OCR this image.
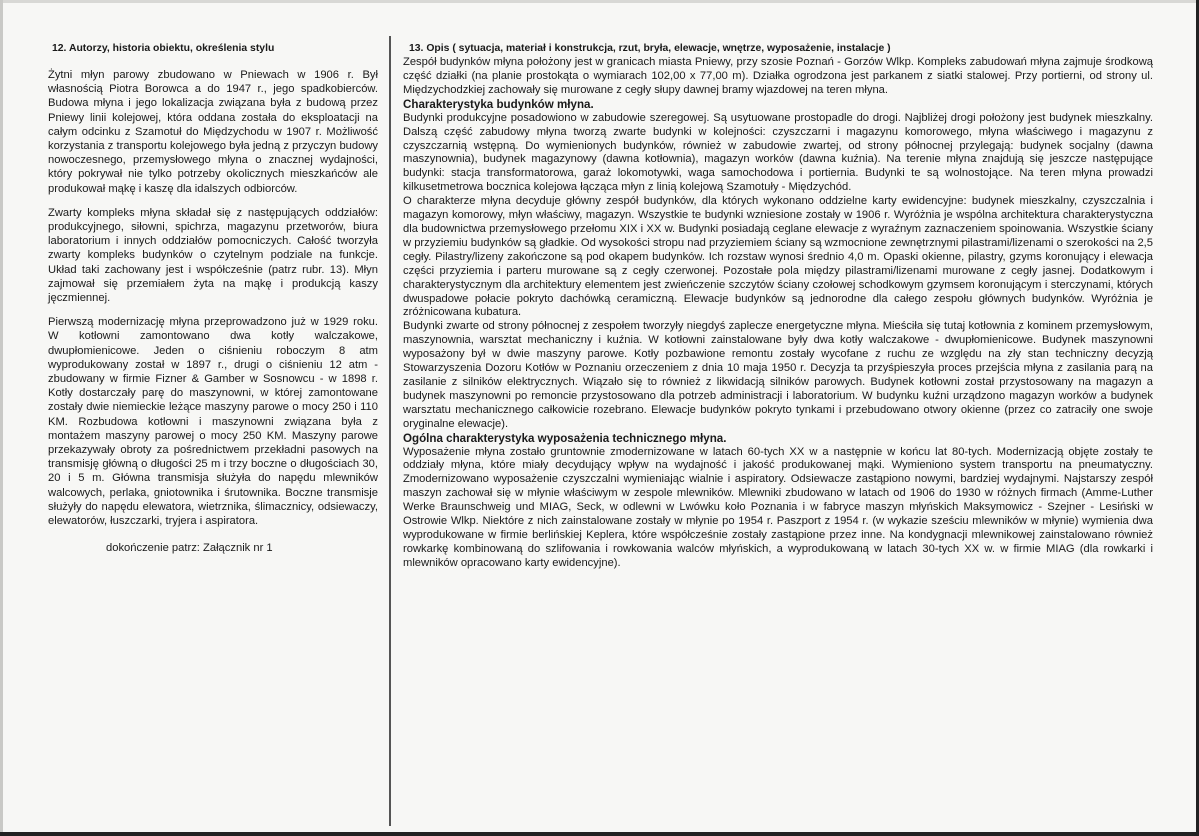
12. Autorzy, historia obiektu, określenia stylu

Żytni młyn parowy zbudowano w Pniewach w 1906 r. Był własnością Piotra Borowca a do 1947 r., jego spadkobierców. Budowa młyna i jego lokalizacja związana była z budową przez Pniewy linii kolejowej, która oddana została do eksploatacji na całym odcinku z Szamotuł do Międzychodu w 1907 r. Możliwość korzystania z transportu kolejowego była jedną z przyczyn budowy nowoczesnego, przemysłowego młyna o znacznej wydajności, który pokrywał nie tylko potrzeby okolicznych mieszkańców ale produkował mąkę i kaszę dla idalszych odbiorców.

Zwarty kompleks młyna składał się z następujących oddziałów: produkcyjnego, siłowni, spichrza, magazynu przetworów, biura laboratorium i innych oddziałów pomocniczych. Całość tworzyła zwarty kompleks budynków o czytelnym podziale na funkcje. Układ taki zachowany jest i współcześnie (patrz rubr. 13). Młyn zajmował się przemiałem żyta na mąkę i produkcją kaszy jęczmiennej.

Pierwszą modernizację młyna przeprowadzono już w 1929 roku. W kotłowni zamontowano dwa kotły walczakowe, dwupłomienicowe. Jeden o ciśnieniu roboczym 8 atm wyprodukowany został w 1897 r., drugi o ciśnieniu 12 atm - zbudowany w firmie Fizner & Gamber w Sosnowcu - w 1898 r. Kotły dostarczały parę do maszynowni, w której zamontowane zostały dwie niemieckie leżące maszyny parowe o mocy 250 i 110 KM. Rozbudowa kotłowni i maszynowni związana była z montażem maszyny parowej o mocy 250 KM. Maszyny parowe przekazywały obroty za pośrednictwem przekładni pasowych na transmisję główną o długości 25 m i trzy boczne o długościach 30, 20 i 5 m. Główna transmisja służyła do napędu mlewników walcowych, perlaka, gniotownika i śrutownika. Boczne transmisje służyły do napędu elewatora, wietrznika, ślimacznicy, odsiewaczy, elewatorów, łuszczarki, tryjera i aspiratora.

dokończenie patrz: Załącznik nr 1
13. Opis ( sytuacja, materiał i konstrukcja, rzut, bryła, elewacje, wnętrze, wyposażenie, instalacje )

Zespół budynków młyna położony jest w granicach miasta Pniewy, przy szosie Poznań - Gorzów Wlkp. Kompleks zabudowań młyna zajmuje środkową część działki (na planie prostokąta o wymiarach 102,00 x 77,00 m). Działka ogrodzona jest parkanem z siatki stalowej. Przy portierni, od strony ul. Międzychodzkiej zachowały się murowane z cegły słupy dawnej bramy wjazdowej na teren młyna.

Charakterystyka budynków młyna.

Budynki produkcyjne posadowiono w zabudowie szeregowej. Są usytuowane prostopadle do drogi. Najbliżej drogi położony jest budynek mieszkalny. Dalszą część zabudowy młyna tworzą zwarte budynki w kolejności: czyszczarni i magazynu komorowego, młyna właściwego i magazynu z czyszczarnią wstępną. Do wymienionych budynków, również w zabudowie zwartej, od strony północnej przylegają: budynek socjalny (dawna maszynownia), budynek magazynowy (dawna kotłownia), magazyn worków (dawna kuźnia). Na terenie młyna znajdują się jeszcze następujące budynki: stacja transformatorowa, garaż lokomotywki, waga samochodowa i portiernia. Budynki te są wolnostojące. Na teren młyna prowadzi kilkusetmetrowa bocznica kolejowa łącząca młyn z linią kolejową Szamotuły - Międzychód.

O charakterze młyna decyduje główny zespół budynków, dla których wykonano oddzielne karty ewidencyjne: budynek mieszkalny, czyszczalnia i magazyn komorowy, młyn właściwy, magazyn. Wszystkie te budynki wzniesione zostały w 1906 r. Wyróżnia je wspólna architektura charakterystyczna dla budownictwa przemysłowego przełomu XIX i XX w. Budynki posiadają ceglane elewacje z wyraźnym zaznaczeniem spoinowania. Wszystkie ściany w przyziemiu budynków są gładkie. Od wysokości stropu nad przyziemiem ściany są wzmocnione zewnętrznymi pilastrami/lizenami o szerokości na 2,5 cegły. Pilastry/lizeny zakończone są pod okapem budynków. Ich rozstaw wynosi średnio 4,0 m. Opaski okienne, pilastry, gzyms koronujący i elewacja części przyziemia i parteru murowane są z cegły czerwonej. Pozostałe pola między pilastrami/lizenami murowane z cegły jasnej. Dodatkowym i charakterystycznym dla architektury elementem jest zwieńczenie szczytów ściany czołowej schodkowym gzymsem koronującym i sterczynami, których dwuspadowe połacie pokryto dachówką ceramiczną. Elewacje budynków są jednorodne dla całego zespołu głównych budynków. Wyróżnia je zróżnicowana kubatura.

Budynki zwarte od strony północnej z zespołem tworzyły niegdyś zaplecze energetyczne młyna. Mieściła się tutaj kotłownia z kominem przemysłowym, maszynownia, warsztat mechaniczny i kuźnia. W kotłowni zainstalowane były dwa kotły walczakowe - dwupłomienicowe. Budynek maszynowni wyposażony był w dwie maszyny parowe. Kotły pozbawione remontu zostały wycofane z ruchu ze względu na zły stan techniczny decyzją Stowarzyszenia Dozoru Kotłów w Poznaniu orzeczeniem z dnia 10 maja 1950 r. Decyzja ta przyśpieszyła proces przejścia młyna z zasilania parą na zasilanie z silników elektrycznych. Wiązało się to również z likwidacją silników parowych. Budynek kotłowni został przystosowany na magazyn a budynek maszynowni po remoncie przystosowano dla potrzeb administracji i laboratorium. W budynku kuźni urządzono magazyn worków a budynek warsztatu mechanicznego całkowicie rozebrano. Elewacje budynków pokryto tynkami i przebudowano otwory okienne (przez co zatraciły one swoje oryginalne elewacje).

Ogólna charakterystyka wyposażenia technicznego młyna.

Wyposażenie młyna zostało gruntownie zmodernizowane w latach 60-tych XX w a następnie w końcu lat 80-tych. Modernizacją objęte zostały te oddziały młyna, które miały decydujący wpływ na wydajność i jakość produkowanej mąki. Wymieniono system transportu na pneumatyczny. Zmodernizowano wyposażenie czyszczalni wymieniając wialnie i aspiratory. Odsiewacze zastąpiono nowymi, bardziej wydajnymi. Najstarszy zespół maszyn zachował się w młynie właściwym w zespole mlewników. Mlewniki zbudowano w latach od 1906 do 1930 w różnych firmach (Amme-Luther Werke Braunschweig und MIAG, Seck, w odlewni w Lwówku koło Poznania i w fabryce maszyn młyńskich Maksymowicz - Szejner - Lesiński w Ostrowie Wlkp. Niektóre z nich zainstalowane zostały w młynie po 1954 r. Paszport z 1954 r. (w wykazie sześciu mlewników w młynie) wymienia dwa wyprodukowane w firmie berlińskiej Keplera, które współcześnie zostały zastąpione przez inne. Na kondygnacji mlewnikowej zainstalowano również rowkarkę kombinowaną do szlifowania i rowkowania walców młyńskich, a wyprodukowaną w latach 30-tych XX w. w firmie MIAG (dla rowkarki i mlewników opracowano karty ewidencyjne).
